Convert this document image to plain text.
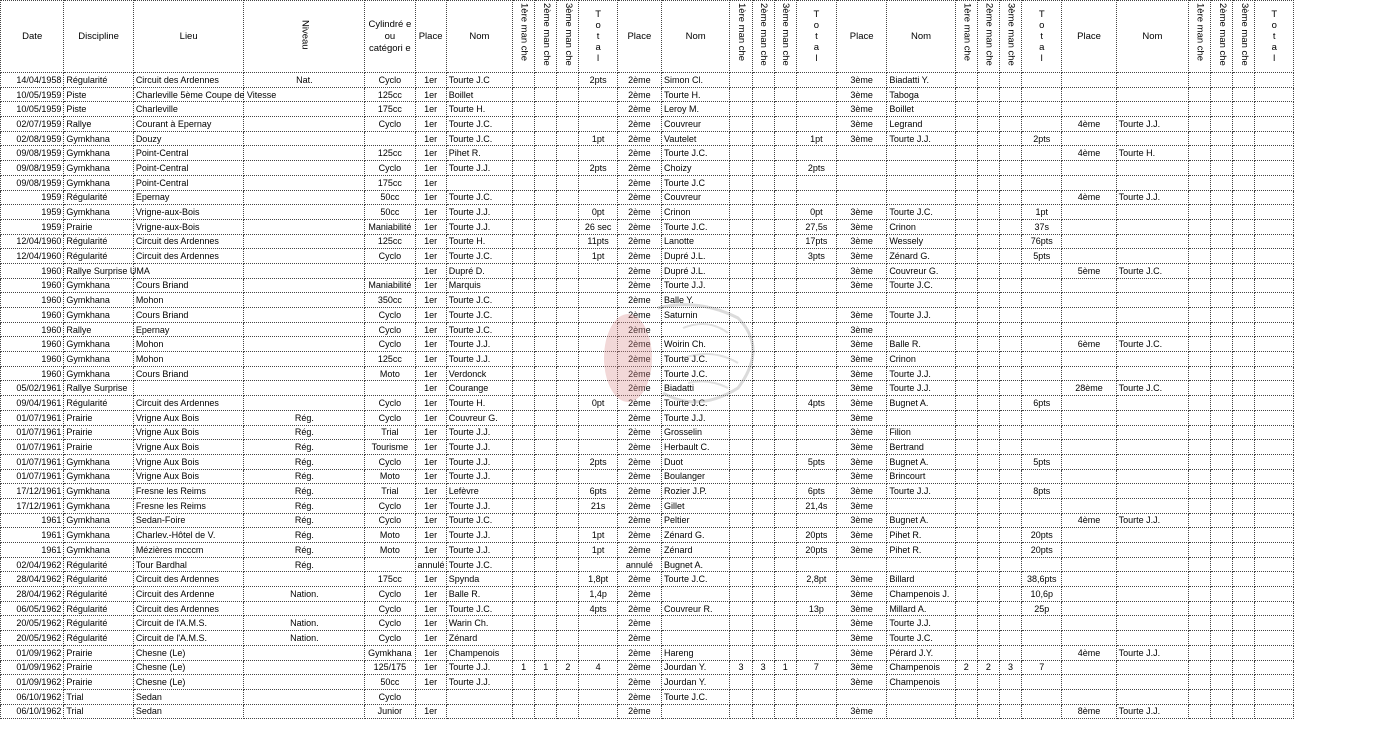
Date	Discipline	Lieu	Niveau	Cylindré e ou catégori e	Place	Nom	1ère man che	2ème man che	3ème man che	T o t a l	Place	Nom	1ère man che	2ème man che	3ème man che	T o t a l	Place	Nom	1ère man che	2ème man che	3ème man che	T o t a l	Place	Nom	1ère man che	2ème man che	3ème man che	T o t a l

14/04/1958	Régularité	Circuit des Ardennes	Nat.	Cyclo	1er	Tourte J.C				2pts	2ème	Simon Cl.					3ème	Biadatti Y.										
10/05/1959	Piste	Charleville 5ème Coupe de Vitesse		125cc	1er	Boillet					2ème	Tourte H.					3ème	Taboga										
10/05/1959	Piste	Charleville		175cc	1er	Tourte H.					2ème	Leroy M.					3ème	Boillet										
02/07/1959	Rallye	Courant à Epernay		Cyclo	1er	Tourte J.C.					2ème	Couvreur					3ème	Legrand					4ème	Tourte J.J.				
02/08/1959	Gymkhana	Douzy			1er	Tourte J.C.				1pt	2ème	Vautelet				1pt	3ème	Tourte J.J.				2pts						
09/08/1959	Gymkhana	Point-Central		125cc	1er	Pihet R.					2ème	Tourte J.C.											4ème	Tourte H.				
09/08/1959	Gymkhana	Point-Central		Cyclo	1er	Tourte J.J.				2pts	2ème	Choizy				2pts												
09/08/1959	Gymkhana	Point-Central		175cc	1er						2ème	Tourte J.C																
1959	Régularité	Epernay		50cc	1er	Tourte J.C.					2ème	Couvreur											4ème	Tourte J.J.				
1959	Gymkhana	Vrigne-aux-Bois		50cc	1er	Tourte J.J.				0pt	2ème	Crinon				0pt	3ème	Tourte J.C.				1pt						
1959	Prairie	Vrigne-aux-Bois		Maniabilité	1er	Tourte J.J.				26 sec	2ème	Tourte J.C.				27,5s	3ème	Crinon				37s						
12/04/1960	Régularité	Circuit des Ardennes		125cc	1er	Tourte H.				11pts	2ème	Lanotte				17pts	3ème	Wessely				76pts						
12/04/1960	Régularité	Circuit des Ardennes		Cyclo	1er	Tourte J.C.				1pt	2ème	Dupré J.L.				3pts	3ème	Zénard G.				5pts						
1960	Rallye Surprise UMA				1er	Dupré D.					2ème	Dupré J.L.					3ème	Couvreur G.					5ème	Tourte J.C.				
1960	Gymkhana	Cours Briand		Maniabilité	1er	Marquis					2ème	Tourte J.J.					3ème	Tourte J.C.										
1960	Gymkhana	Mohon		350cc	1er	Tourte J.C.					2ème	Balle Y.																
1960	Gymkhana	Cours Briand		Cyclo	1er	Tourte J.C.					2ème	Saturnin					3ème	Tourte J.J.										
1960	Rallye	Epernay		Cyclo	1er	Tourte J.C.					2ème						3ème											
1960	Gymkhana	Mohon		Cyclo	1er	Tourte J.J.					2ème	Woirin Ch.					3ème	Balle R.					6ème	Tourte J.C.				
1960	Gymkhana	Mohon		125cc	1er	Tourte J.J.					2ème	Tourte J.C.					3ème	Crinon										
1960	Gymkhana	Cours Briand		Moto	1er	Verdonck					2ème	Tourte J.C.					3ème	Tourte J.J.										
05/02/1961	Rallye Surprise				1er	Courange					2ème	Biadatti					3ème	Tourte J.J.					28ème	Tourte J.C.				
09/04/1961	Régularité	Circuit des Ardennes		Cyclo	1er	Tourte H.				0pt	2ème	Tourte J.C.				4pts	3ème	Bugnet A.				6pts						
01/07/1961	Prairie	Vrigne Aux Bois	Rég.	Cyclo	1er	Couvreur G.					2ème	Tourte J.J.					3ème											
01/07/1961	Prairie	Vrigne Aux Bois	Rég.	Trial	1er	Tourte J.J.					2ème	Grosselin					3ème	Filion										
01/07/1961	Prairie	Vrigne Aux Bois	Rég.	Tourisme	1er	Tourte J.J.					2ème	Herbault C.					3ème	Bertrand										
01/07/1961	Gymkhana	Vrigne Aux Bois	Rég.	Cyclo	1er	Tourte J.J.				2pts	2ème	Duot				5pts	3ème	Bugnet A.				5pts						
01/07/1961	Gymkhana	Vrigne Aux Bois	Rég.	Moto	1er	Tourte J.J.					2ème	Boulanger					3ème	Brincourt										
17/12/1961	Gymkhana	Fresne les Reims	Rég.	Trial	1er	Lefèvre				6pts	2ème	Rozier J.P.				6pts	3ème	Tourte J.J.				8pts						
17/12/1961	Gymkhana	Fresne les Reims	Rég.	Cyclo	1er	Tourte J.J.				21s	2ème	Gillet				21,4s	3ème											
1961	Gymkhana	Sedan-Foire	Rég.	Cyclo	1er	Tourte J.C.					2ème	Peltier					3ème	Bugnet A.					4ème	Tourte J.J.				
1961	Gymkhana	Charlev.-Hôtel de V.	Rég.	Moto	1er	Tourte J.J.				1pt	2ème	Zénard G.				20pts	3ème	Pihet R.				20pts						
1961	Gymkhana	Mézières mcccm	Rég.	Moto	1er	Tourte J.J.				1pt	2ème	Zénard				20pts	3ème	Pihet R.				20pts						
02/04/1962	Régularité	Tour Bardhal	Rég.		annulé	Tourte J.C.					annulé	Bugnet A.																
28/04/1962	Régularité	Circuit des Ardennes		175cc	1er	Spynda				1,8pt	2ème	Tourte J.C.				2,8pt	3ème	Billard				38,6pts						
28/04/1962	Régularité	Circuit des Ardenne	Nation.	Cyclo	1er	Balle R.				1,4p	2ème						3ème	Champenois J.				10,6p						
06/05/1962	Régularité	Circuit des Ardennes		Cyclo	1er	Tourte J.C.				4pts	2ème	Couvreur R.				13p	3ème	Millard A.				25p						
20/05/1962	Régularité	Circuit de l'A.M.S.	Nation.	Cyclo	1er	Warin Ch.					2ème						3ème	Tourte J.J.										
20/05/1962	Régularité	Circuit de l'A.M.S.	Nation.	Cyclo	1er	Zénard					2ème						3ème	Tourte J.C.										
01/09/1962	Prairie	Chesne (Le)		Gymkhana	1er	Champenois					2ème	Hareng					3ème	Pérard J.Y.					4ème	Tourte J.J.				
01/09/1962	Prairie	Chesne (Le)		125/175	1er	Tourte J.J.	1	1	2	4	2ème	Jourdan Y.	3	3	1	7	3ème	Champenois	2	2	3	7						
01/09/1962	Prairie	Chesne (Le)		50cc	1er	Tourte J.J.					2ème	Jourdan Y.					3ème	Champenois										
06/10/1962	Trial	Sedan		Cyclo							2ème	Tourte J.C.																
06/10/1962	Trial	Sedan		Junior	1er						2ème						3ème						8ème	Tourte J.J.				
